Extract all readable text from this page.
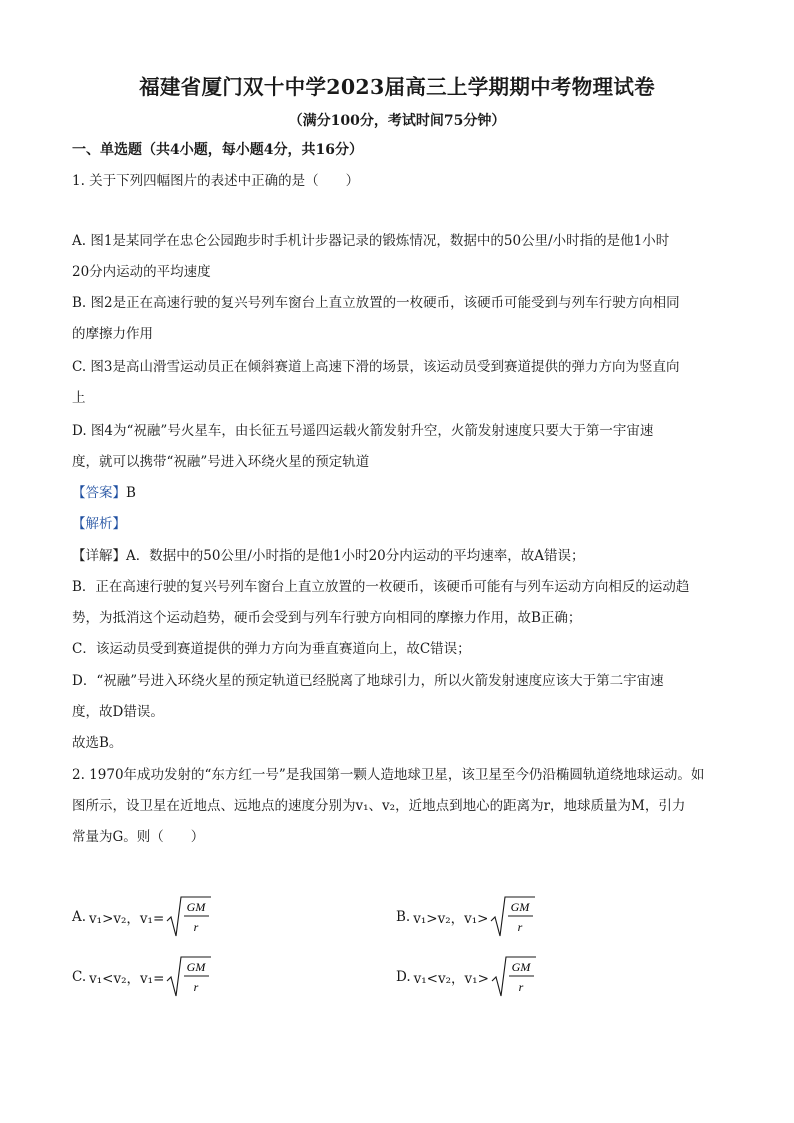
福建省厦门双十中学2023届高三上学期期中考物理试卷
（满分100分，考试时间75分钟）
一、单选题（共4小题，每小题4分，共16分）
1. 关于下列四幅图片的表述中正确的是（　　）
A. 图1是某同学在忠仑公园跑步时手机计步器记录的锻炼情况，数据中的50公里/小时指的是他1小时
20分内运动的平均速度
B. 图2是正在高速行驶的复兴号列车窗台上直立放置的一枚硬币，该硬币可能受到与列车行驶方向相同
的摩擦力作用
C. 图3是高山滑雪运动员正在倾斜赛道上高速下滑的场景，该运动员受到赛道提供的弹力方向为竖直向
上
D. 图4为“祝融”号火星车，由长征五号遥四运载火箭发射升空，火箭发射速度只要大于第一宇宙速
度，就可以携带“祝融”号进入环绕火星的预定轨道
【答案】B
【解析】
【详解】A．数据中的50公里/小时指的是他1小时20分内运动的平均速率，故A错误；
B．正在高速行驶的复兴号列车窗台上直立放置的一枚硬币，该硬币可能有与列车运动方向相反的运动趋
势，为抵消这个运动趋势，硬币会受到与列车行驶方向相同的摩擦力作用，故B正确；
C．该运动员受到赛道提供的弹力方向为垂直赛道向上，故C错误；
D．“祝融”号进入环绕火星的预定轨道已经脱离了地球引力，所以火箭发射速度应该大于第二宇宙速
度，故D错误。
故选B。
2. 1970年成功发射的“东方红一号”是我国第一颗人造地球卫星，该卫星至今仍沿椭圆轨道绕地球运动。如
图所示，设卫星在近地点、远地点的速度分别为v₁、v₂，近地点到地心的距离为r，地球质量为M，引力
常量为G。则（　　）
A. v₁>v₂，v₁=
GM
r
B. v₁>v₂，v₁>
GM
r
C. v₁<v₂，v₁=
GM
r
D. v₁<v₂，v₁>
GM
r
